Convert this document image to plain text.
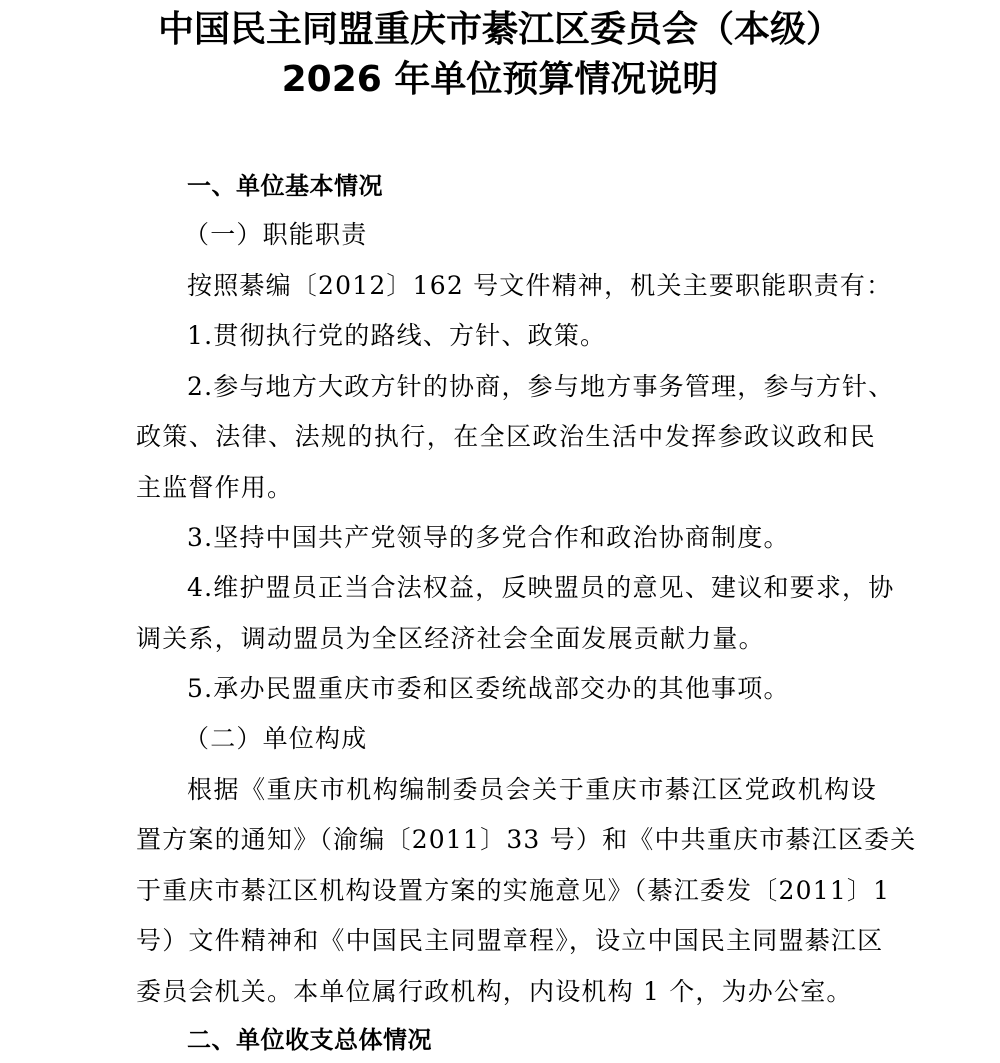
中国民主同盟重庆市綦江区委员会（本级）
2026 年单位预算情况说明
一、单位基本情况
（一）职能职责
按照綦编〔2012〕162 号文件精神，机关主要职能职责有：
1.贯彻执行党的路线、方针、政策。
2.参与地方大政方针的协商，参与地方事务管理，参与方针、
政策、法律、法规的执行，在全区政治生活中发挥参政议政和民
主监督作用。
3.坚持中国共产党领导的多党合作和政治协商制度。
4.维护盟员正当合法权益，反映盟员的意见、建议和要求，协
调关系，调动盟员为全区经济社会全面发展贡献力量。
5.承办民盟重庆市委和区委统战部交办的其他事项。
（二）单位构成
根据《重庆市机构编制委员会关于重庆市綦江区党政机构设
置方案的通知》（渝编〔2011〕33 号）和《中共重庆市綦江区委关
于重庆市綦江区机构设置方案的实施意见》（綦江委发〔2011〕1
号）文件精神和《中国民主同盟章程》，设立中国民主同盟綦江区
委员会机关。本单位属行政机构，内设机构 1 个，为办公室。
二、单位收支总体情况
